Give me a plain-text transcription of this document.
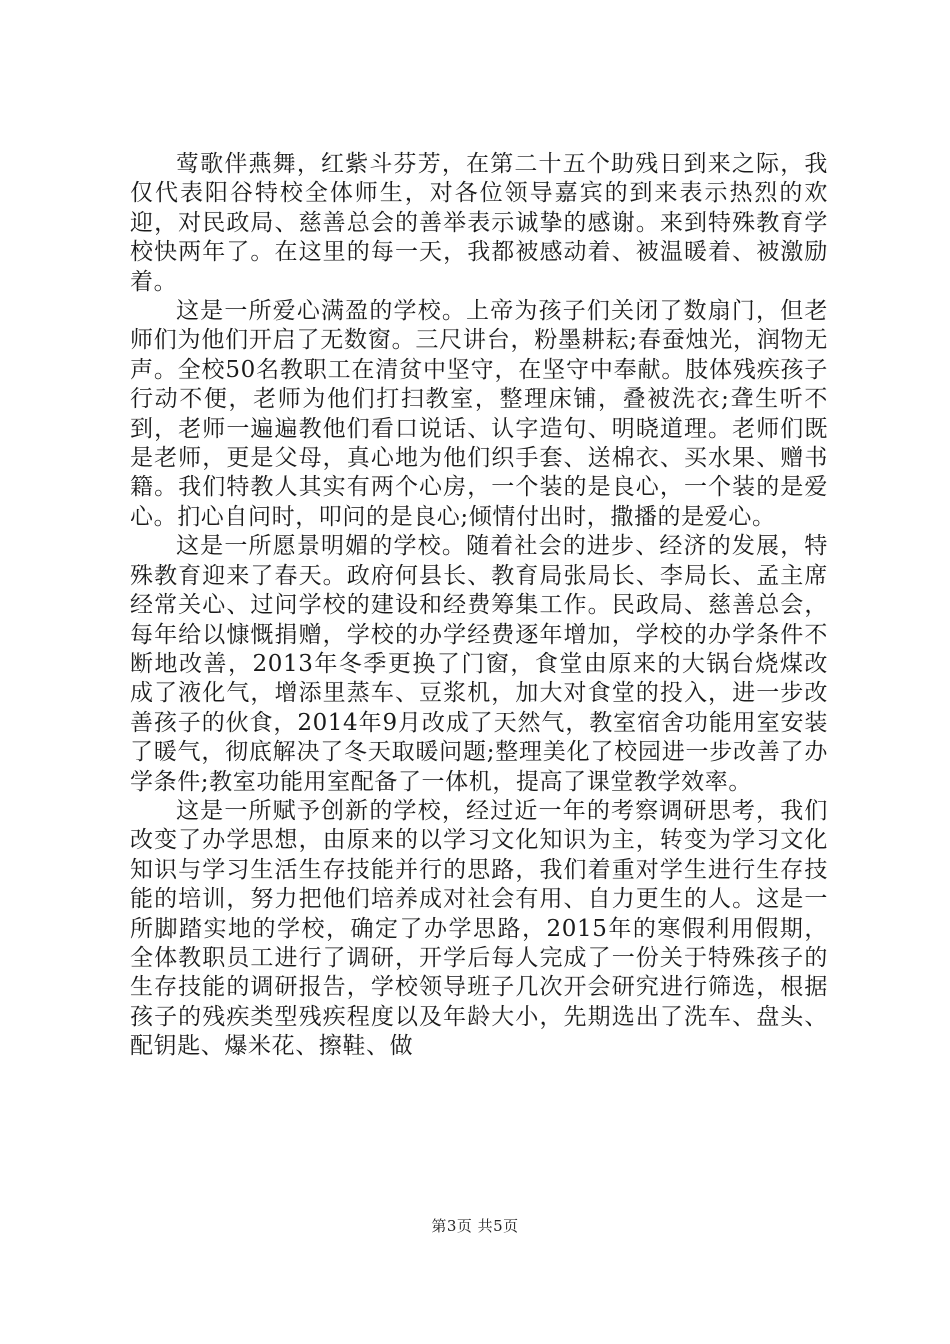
莺歌伴燕舞，红紫斗芬芳，在第二十五个助残日到来之际，我仅代表阳谷特校全体师生，对各位领导嘉宾的到来表示热烈的欢迎，对民政局、慈善总会的善举表示诚挚的感谢。来到特殊教育学校快两年了。在这里的每一天，我都被感动着、被温暖着、被激励着。

这是一所爱心满盈的学校。上帝为孩子们关闭了数扇门，但老师们为他们开启了无数窗。三尺讲台，粉墨耕耘;春蚕烛光，润物无声。全校50名教职工在清贫中坚守，在坚守中奉献。肢体残疾孩子行动不便，老师为他们打扫教室，整理床铺，叠被洗衣;聋生听不到，老师一遍遍教他们看口说话、认字造句、明晓道理。老师们既是老师，更是父母，真心地为他们织手套、送棉衣、买水果、赠书籍。我们特教人其实有两个心房，一个装的是良心，一个装的是爱心。扪心自问时，叩问的是良心;倾情付出时，撒播的是爱心。

这是一所愿景明媚的学校。随着社会的进步、经济的发展，特殊教育迎来了春天。政府何县长、教育局张局长、李局长、孟主席经常关心、过问学校的建设和经费筹集工作。民政局、慈善总会，每年给以慷慨捐赠，学校的办学经费逐年增加，学校的办学条件不断地改善，2013年冬季更换了门窗，食堂由原来的大锅台烧煤改成了液化气，增添里蒸车、豆浆机，加大对食堂的投入，进一步改善孩子的伙食，2014年9月改成了天然气，教室宿舍功能用室安装了暖气，彻底解决了冬天取暖问题;整理美化了校园进一步改善了办学条件;教室功能用室配备了一体机，提高了课堂教学效率。

这是一所赋予创新的学校，经过近一年的考察调研思考，我们改变了办学思想，由原来的以学习文化知识为主，转变为学习文化知识与学习生活生存技能并行的思路，我们着重对学生进行生存技能的培训，努力把他们培养成对社会有用、自力更生的人。这是一所脚踏实地的学校，确定了办学思路，2015年的寒假利用假期，全体教职员工进行了调研，开学后每人完成了一份关于特殊孩子的生存技能的调研报告，学校领导班子几次开会研究进行筛选，根据孩子的残疾类型残疾程度以及年龄大小，先期选出了洗车、盘头、配钥匙、爆米花、擦鞋、做

第3页 共5页
